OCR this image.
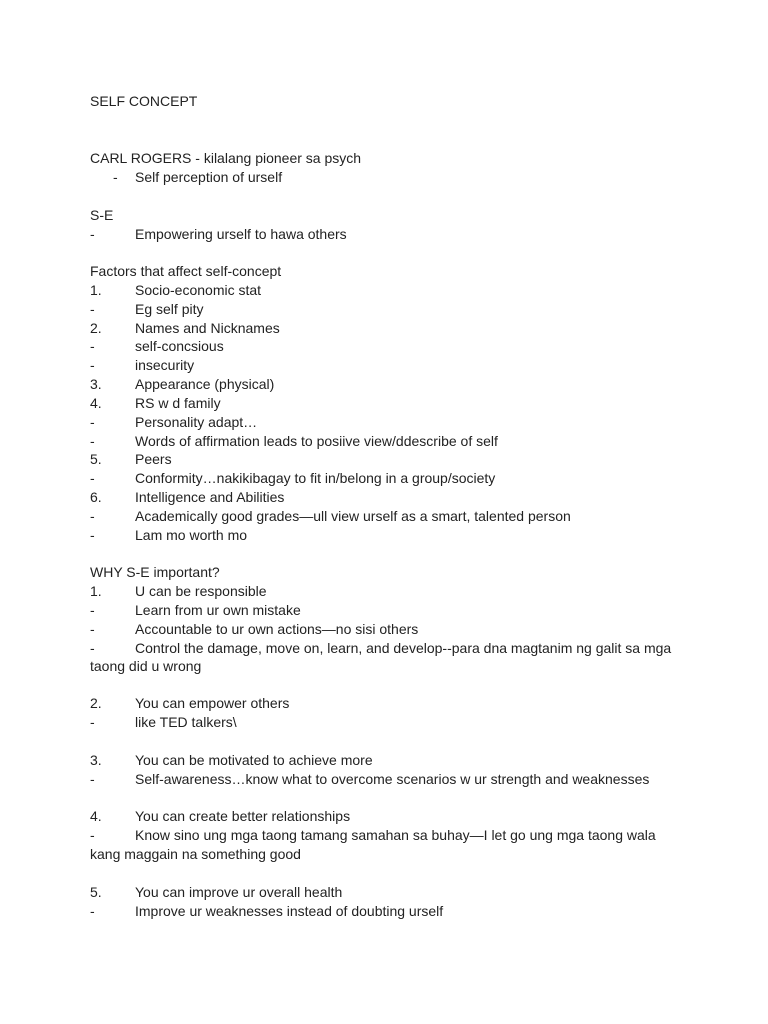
SELF CONCEPT
CARL ROGERS - kilalang pioneer sa psych
- Self perception of urself
S-E
-	Empowering urself to hawa others
Factors that affect self-concept
1. Socio-economic stat
-	Eg self pity
2. Names and Nicknames
-	self-concsious
-	insecurity
3. Appearance (physical)
4. RS w d family
-	Personality adapt…
-	Words of affirmation leads to posiive view/ddescribe of self
5. Peers
-	Conformity…nakikibagay to fit in/belong in a group/society
6. Intelligence and Abilities
-	Academically good grades—ull view urself as a smart, talented person
-	Lam mo worth mo
WHY S-E important?
1. U can be responsible
-	Learn from ur own mistake
-	Accountable to ur own actions—no sisi others
-	Control the damage, move on, learn, and develop--para dna magtanim ng galit sa mga
taong did u wrong
2. You can empower others
-	like TED talkers\
3. You can be motivated to achieve more
-	Self-awareness…know what to overcome scenarios w ur strength and weaknesses
4. You can create better relationships
-	Know sino ung mga taong tamang samahan sa buhay—I let go ung mga taong wala
kang maggain na something good
5. You can improve ur overall health
-	Improve ur weaknesses instead of doubting urself
